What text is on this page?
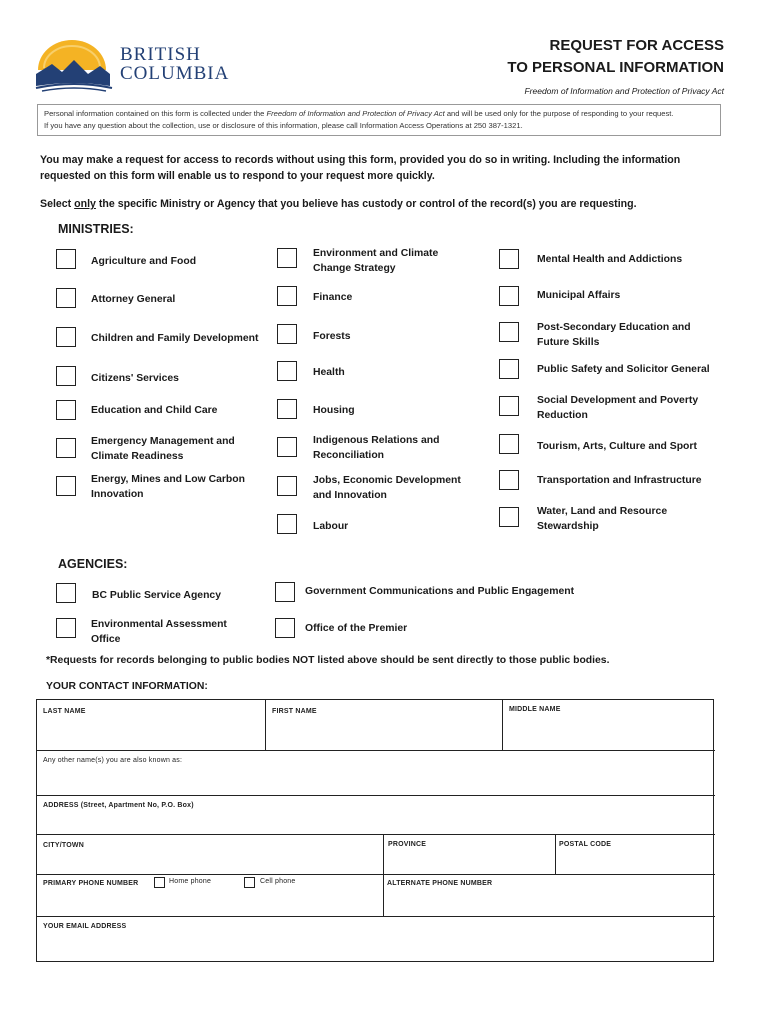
BRITISH
COLUMBIA
REQUEST FOR ACCESS
TO PERSONAL INFORMATION
Freedom of Information and Protection of Privacy Act
Personal information contained on this form is collected under the Freedom of Information and Protection of Privacy Act and will be used only for the purpose of responding to your request.
If you have any question about the collection, use or disclosure of this information, please call Information Access Operations at 250 387-1321.
You may make a request for access to records without using this form, provided you do so in writing. Including the information requested on this form will enable us to respond to your request more quickly.
Select only the specific Ministry or Agency that you believe has custody or control of the record(s) you are requesting.
MINISTRIES:
Agriculture and Food
Attorney General
Children and Family Development
Citizens' Services
Education and Child Care
Emergency Management and Climate Readiness
Energy, Mines and Low Carbon Innovation
Environment and Climate Change Strategy
Finance
Forests
Health
Housing
Indigenous Relations and Reconciliation
Jobs, Economic Development and Innovation
Labour
Mental Health and Addictions
Municipal Affairs
Post-Secondary Education and Future Skills
Public Safety and Solicitor General
Social Development and Poverty Reduction
Tourism, Arts, Culture and Sport
Transportation and Infrastructure
Water, Land and Resource Stewardship
AGENCIES:
BC Public Service Agency
Environmental Assessment Office
Government Communications and Public Engagement
Office of the Premier
*Requests for records belonging to public bodies NOT listed above should be sent directly to those public bodies.
YOUR CONTACT INFORMATION:
LAST NAME	FIRST NAME	MIDDLE NAME
Any other name(s) you are also known as:
ADDRESS (Street, Apartment No, P.O. Box)
CITY/TOWN	PROVINCE	POSTAL CODE
PRIMARY PHONE NUMBER	Home phone	Cell phone	ALTERNATE PHONE NUMBER
YOUR EMAIL ADDRESS
